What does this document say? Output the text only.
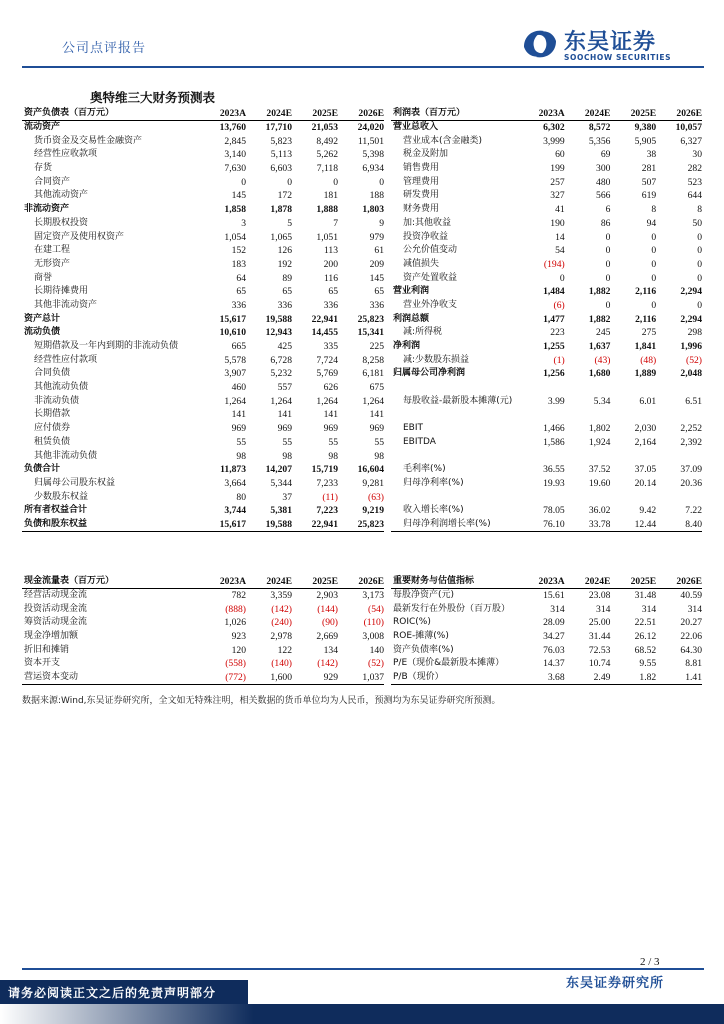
公司点评报告	东吴证券
SOOCHOW SECURITIES
奥特维三大财务预测表
资产负债表（百万元）	2023A	2024E	2025E	2026E
流动资产	13,760	17,710	21,053	24,020
货币资金及交易性金融资产	2,845	5,823	8,492	11,501
经营性应收款项	3,140	5,113	5,262	5,398
存货	7,630	6,603	7,118	6,934
合同资产	0	0	0	0
其他流动资产	145	172	181	188
非流动资产	1,858	1,878	1,888	1,803
长期股权投资	3	5	7	9
固定资产及使用权资产	1,054	1,065	1,051	979
在建工程	152	126	113	61
无形资产	183	192	200	209
商誉	64	89	116	145
长期待摊费用	65	65	65	65
其他非流动资产	336	336	336	336
资产总计	15,617	19,588	22,941	25,823
流动负债	10,610	12,943	14,455	15,341
短期借款及一年内到期的非流动负债	665	425	335	225
经营性应付款项	5,578	6,728	7,724	8,258
合同负债	3,907	5,232	5,769	6,181
其他流动负债	460	557	626	675
非流动负债	1,264	1,264	1,264	1,264
长期借款	141	141	141	141
应付债券	969	969	969	969
租赁负债	55	55	55	55
其他非流动负债	98	98	98	98
负债合计	11,873	14,207	15,719	16,604
归属母公司股东权益	3,664	5,344	7,233	9,281
少数股东权益	80	37	(11)	(63)
所有者权益合计	3,744	5,381	7,223	9,219
负债和股东权益	15,617	19,588	22,941	25,823
利润表（百万元）	2023A	2024E	2025E	2026E
营业总收入	6,302	8,572	9,380	10,057
营业成本(含金融类)	3,999	5,356	5,905	6,327
税金及附加	60	69	38	30
销售费用	199	300	281	282
管理费用	257	480	507	523
研发费用	327	566	619	644
财务费用	41	6	8	8
加:其他收益	190	86	94	50
投资净收益	14	0	0	0
公允价值变动	54	0	0	0
减值损失	(194)	0	0	0
资产处置收益	0	0	0	0
营业利润	1,484	1,882	2,116	2,294
营业外净收支	(6)	0	0	0
利润总额	1,477	1,882	2,116	2,294
减:所得税	223	245	275	298
净利润	1,255	1,637	1,841	1,996
减:少数股东损益	(1)	(43)	(48)	(52)
归属母公司净利润	1,256	1,680	1,889	2,048

每股收益-最新股本摊薄(元)	3.99	5.34	6.01	6.51

EBIT	1,466	1,802	2,030	2,252
EBITDA	1,586	1,924	2,164	2,392

毛利率(%)	36.55	37.52	37.05	37.09
归母净利率(%)	19.93	19.60	20.14	20.36

收入增长率(%)	78.05	36.02	9.42	7.22
归母净利润增长率(%)	76.10	33.78	12.44	8.40
现金流量表（百万元）	2023A	2024E	2025E	2026E
经营活动现金流	782	3,359	2,903	3,173
投资活动现金流	(888)	(142)	(144)	(54)
筹资活动现金流	1,026	(240)	(90)	(110)
现金净增加额	923	2,978	2,669	3,008
折旧和摊销	120	122	134	140
资本开支	(558)	(140)	(142)	(52)
营运资本变动	(772)	1,600	929	1,037
重要财务与估值指标	2023A	2024E	2025E	2026E
每股净资产(元)	15.61	23.08	31.48	40.59
最新发行在外股份（百万股）	314	314	314	314
ROIC(%)	28.09	25.00	22.51	20.27
ROE-摊薄(%)	34.27	31.44	26.12	22.06
资产负债率(%)	76.03	72.53	68.52	64.30
P/E（现价&最新股本摊薄）	14.37	10.74	9.55	8.81
P/B（现价）	3.68	2.49	1.82	1.41
数据来源:Wind,东吴证券研究所，全文如无特殊注明，相关数据的货币单位均为人民币，预测均为东吴证券研究所预测。
2 / 3
请务必阅读正文之后的免责声明部分
东吴证券研究所
